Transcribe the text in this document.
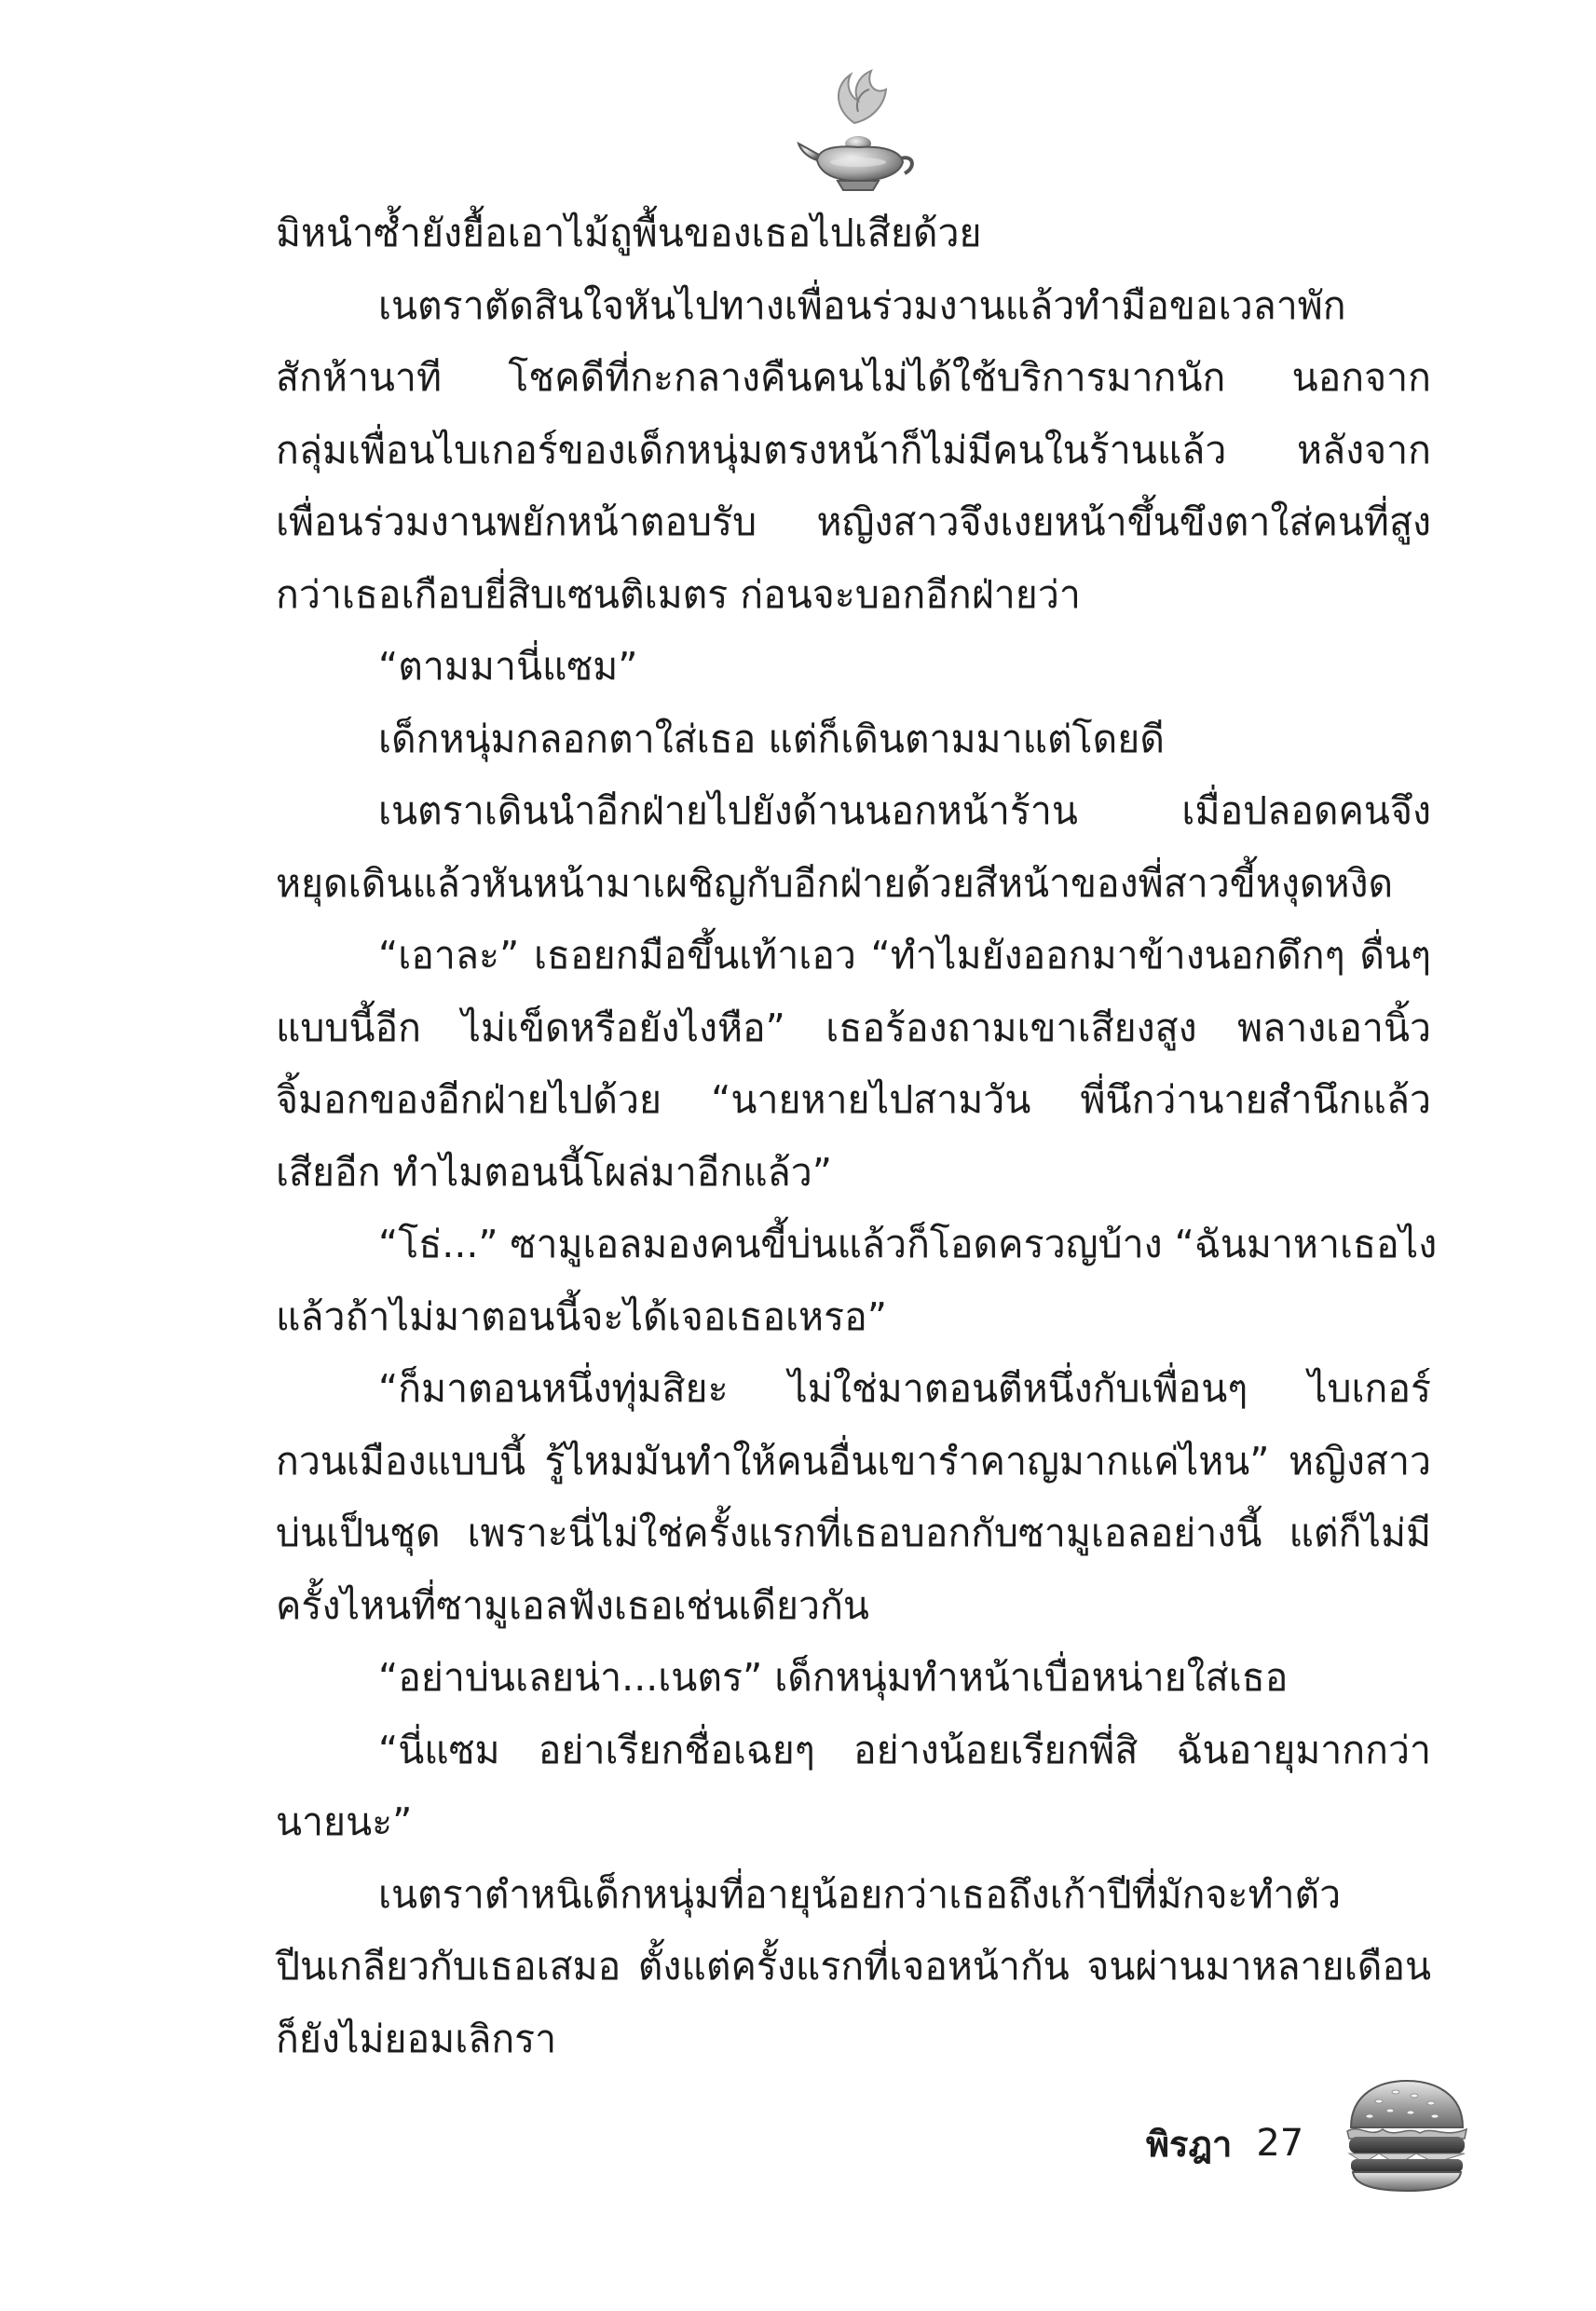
มิหนำซ้ำยังยื้อเอาไม้ถูพื้นของเธอไปเสียด้วย
เนตราตัดสินใจหันไปทางเพื่อนร่วมงานแล้วทำมือขอเวลาพัก
สักห้านาที โชคดีที่กะกลางคืนคนไม่ได้ใช้บริการมากนัก นอกจาก
กลุ่มเพื่อนไบเกอร์ของเด็กหนุ่มตรงหน้าก็ไม่มีคนในร้านแล้ว หลังจาก
เพื่อนร่วมงานพยักหน้าตอบรับ หญิงสาวจึงเงยหน้าขึ้นขึงตาใส่คนที่สูง
กว่าเธอเกือบยี่สิบเซนติเมตร ก่อนจะบอกอีกฝ่ายว่า
“ตามมานี่แซม”
เด็กหนุ่มกลอกตาใส่เธอ แต่ก็เดินตามมาแต่โดยดี
เนตราเดินนำอีกฝ่ายไปยังด้านนอกหน้าร้าน เมื่อปลอดคนจึง
หยุดเดินแล้วหันหน้ามาเผชิญกับอีกฝ่ายด้วยสีหน้าของพี่สาวขี้หงุดหงิด
“เอาละ” เธอยกมือขึ้นเท้าเอว “ทำไมยังออกมาข้างนอกดึกๆ ดื่นๆ
แบบนี้อีก ไม่เข็ดหรือยังไงหือ” เธอร้องถามเขาเสียงสูง พลางเอานิ้ว
จิ้มอกของอีกฝ่ายไปด้วย “นายหายไปสามวัน พี่นึกว่านายสำนึกแล้ว
เสียอีก ทำไมตอนนี้โผล่มาอีกแล้ว”
“โธ่...” ซามูเอลมองคนขี้บ่นแล้วก็โอดครวญบ้าง “ฉันมาหาเธอไง
แล้วถ้าไม่มาตอนนี้จะได้เจอเธอเหรอ”
“ก็มาตอนหนึ่งทุ่มสิยะ ไม่ใช่มาตอนตีหนึ่งกับเพื่อนๆ ไบเกอร์
กวนเมืองแบบนี้ รู้ไหมมันทำให้คนอื่นเขารำคาญมากแค่ไหน” หญิงสาว
บ่นเป็นชุด เพราะนี่ไม่ใช่ครั้งแรกที่เธอบอกกับซามูเอลอย่างนี้ แต่ก็ไม่มี
ครั้งไหนที่ซามูเอลฟังเธอเช่นเดียวกัน
“อย่าบ่นเลยน่า...เนตร” เด็กหนุ่มทำหน้าเบื่อหน่ายใส่เธอ
“นี่แซม อย่าเรียกชื่อเฉยๆ อย่างน้อยเรียกพี่สิ ฉันอายุมากกว่า
นายนะ”
เนตราตำหนิเด็กหนุ่มที่อายุน้อยกว่าเธอถึงเก้าปีที่มักจะทำตัว
ปีนเกลียวกับเธอเสมอ ตั้งแต่ครั้งแรกที่เจอหน้ากัน จนผ่านมาหลายเดือน
ก็ยังไม่ยอมเลิกรา
พิรฎา 27
